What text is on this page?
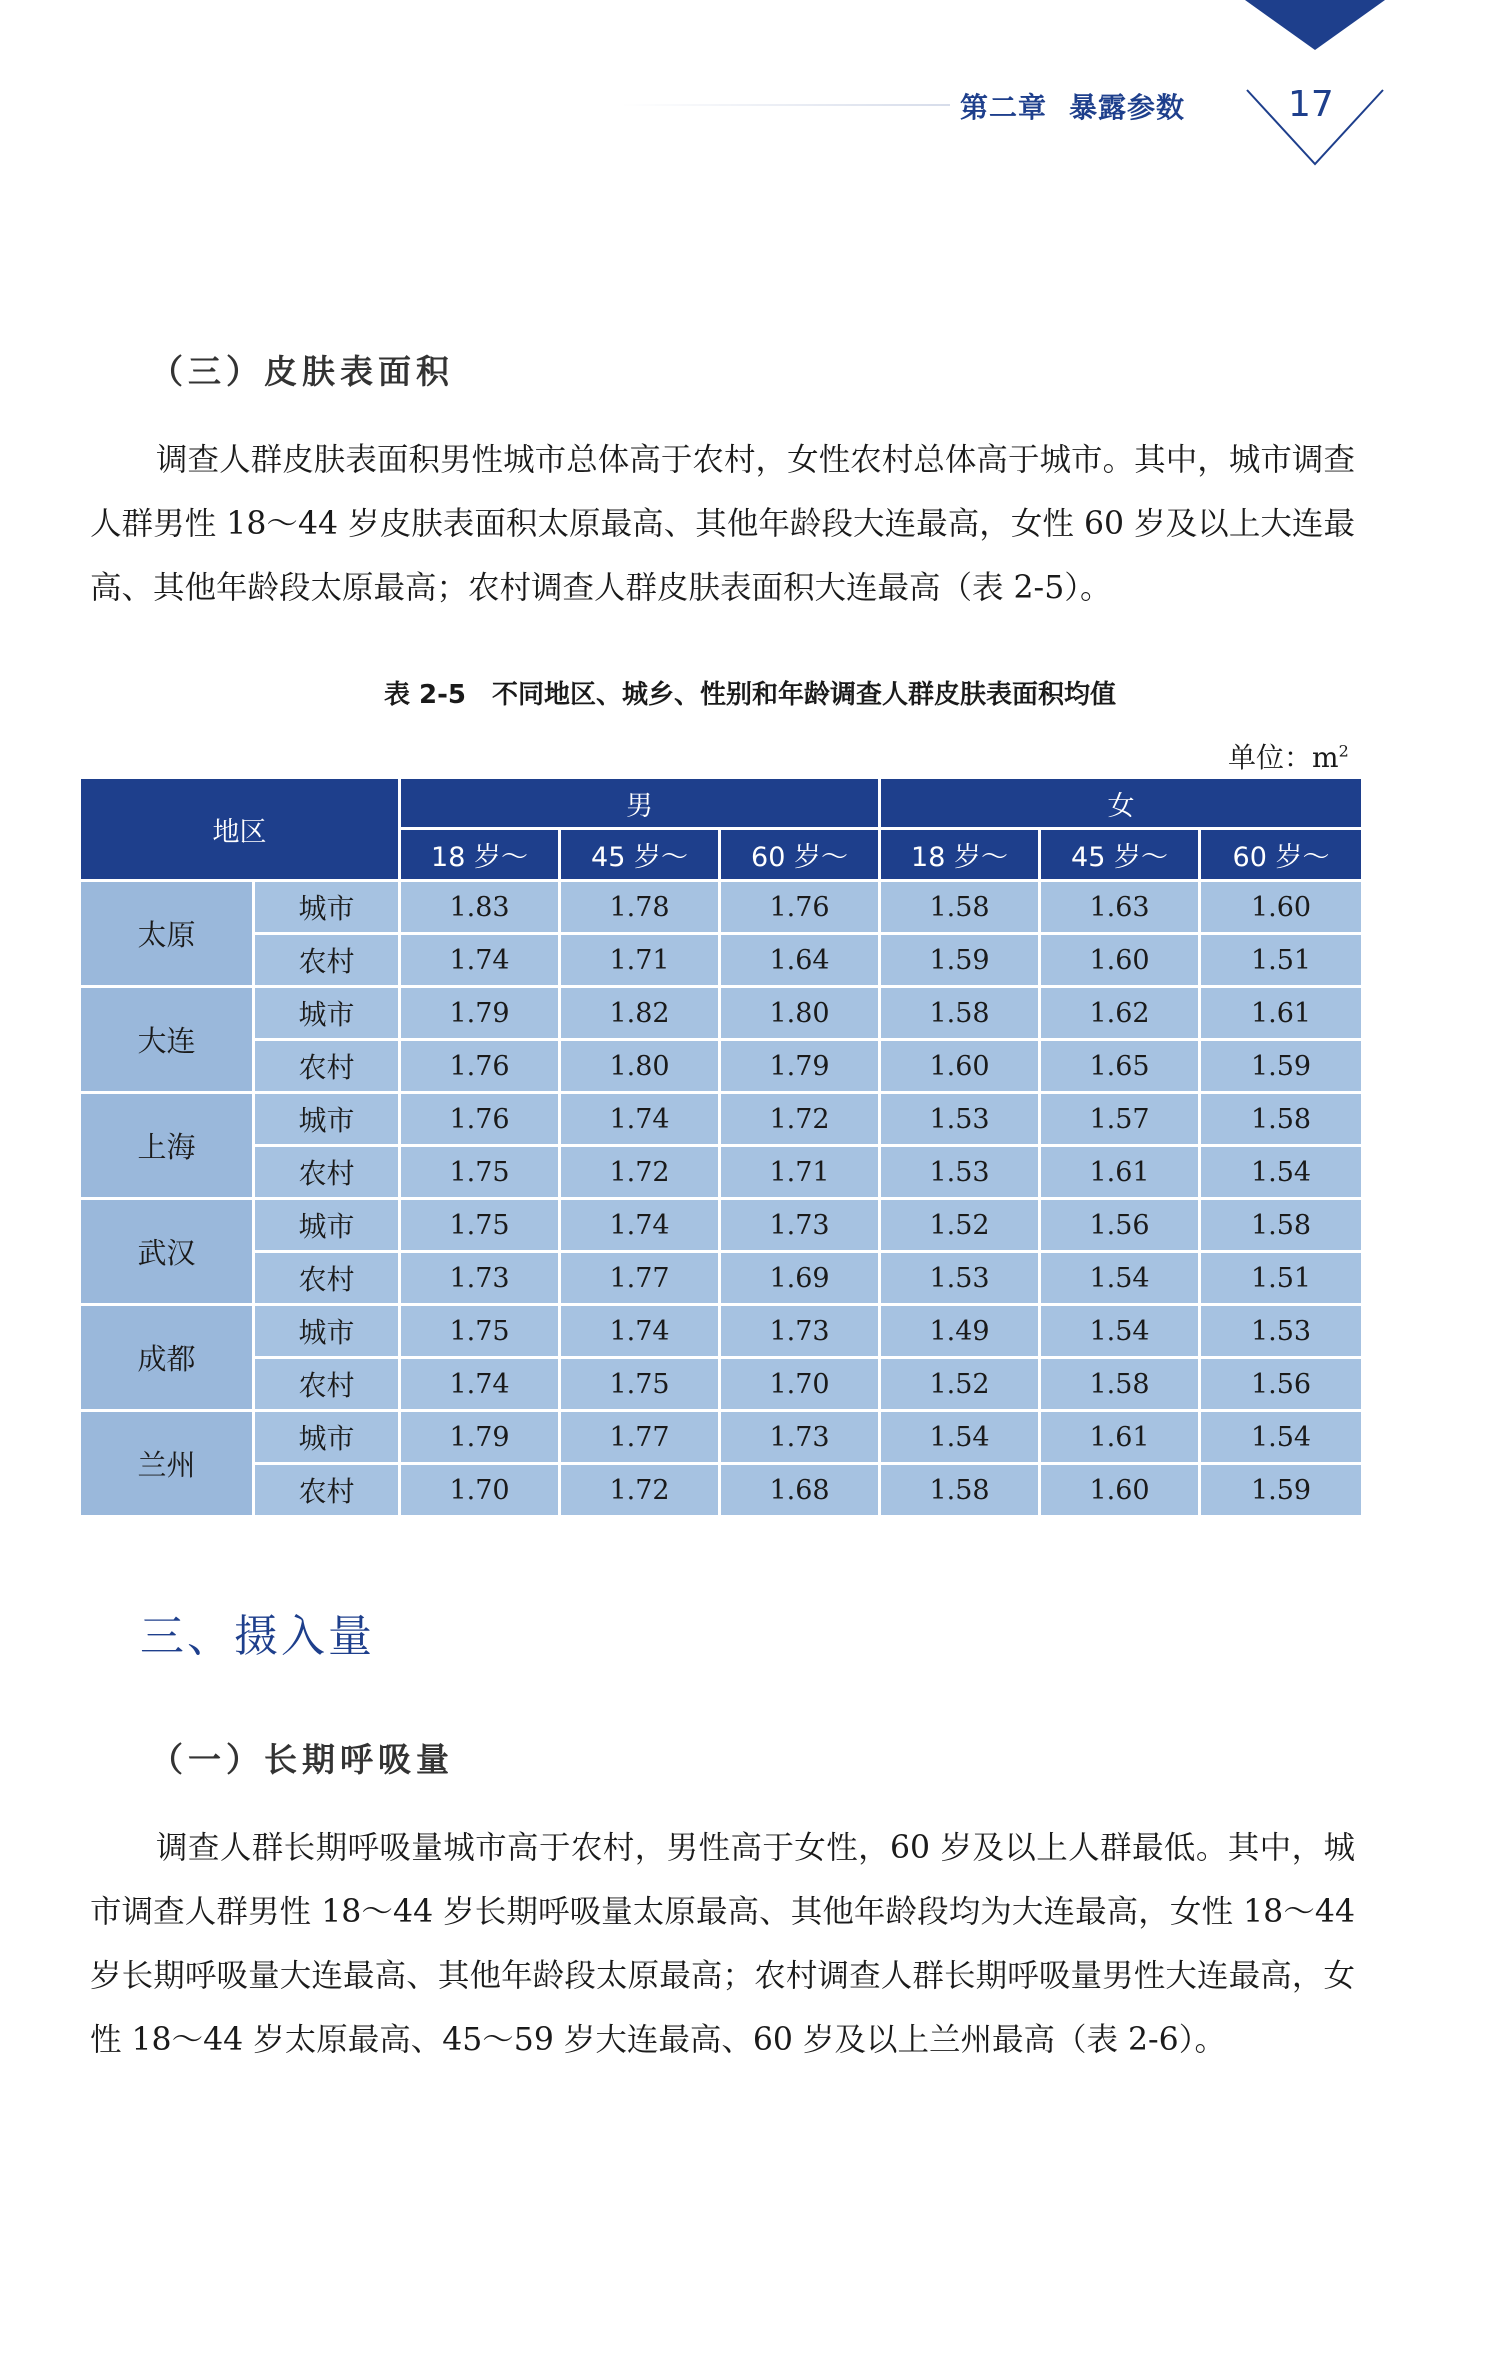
第二章 暴露参数	17
（三）皮肤表面积

调查人群皮肤表面积男性城市总体高于农村，女性农村总体高于城市。其中，城市调查人群男性 18～44 岁皮肤表面积太原最高、其他年龄段大连最高，女性 60 岁及以上大连最高、其他年龄段太原最高；农村调查人群皮肤表面积大连最高（表 2-5）。

表 2-5　不同地区、城乡、性别和年龄调查人群皮肤表面积均值
单位：$m^2$
地区		男			女		
		18 岁～	45 岁～	60 岁～	18 岁～	45 岁～	60 岁～
太原	城市	1.83	1.78	1.76	1.58	1.63	1.60
	农村	1.74	1.71	1.64	1.59	1.60	1.51
大连	城市	1.79	1.82	1.80	1.58	1.62	1.61
	农村	1.76	1.80	1.79	1.60	1.65	1.59
上海	城市	1.76	1.74	1.72	1.53	1.57	1.58
	农村	1.75	1.72	1.71	1.53	1.61	1.54
武汉	城市	1.75	1.74	1.73	1.52	1.56	1.58
	农村	1.73	1.77	1.69	1.53	1.54	1.51
成都	城市	1.75	1.74	1.73	1.49	1.54	1.53
	农村	1.74	1.75	1.70	1.52	1.58	1.56
兰州	城市	1.79	1.77	1.73	1.54	1.61	1.54
	农村	1.70	1.72	1.68	1.58	1.60	1.59
三、摄入量
（一）长期呼吸量

调查人群长期呼吸量城市高于农村，男性高于女性，60 岁及以上人群最低。其中，城市调查人群男性 18～44 岁长期呼吸量太原最高、其他年龄段均为大连最高，女性 18～44 岁长期呼吸量大连最高、其他年龄段太原最高；农村调查人群长期呼吸量男性大连最高，女性 18～44 岁太原最高、45～59 岁大连最高、60 岁及以上兰州最高（表 2-6）。
